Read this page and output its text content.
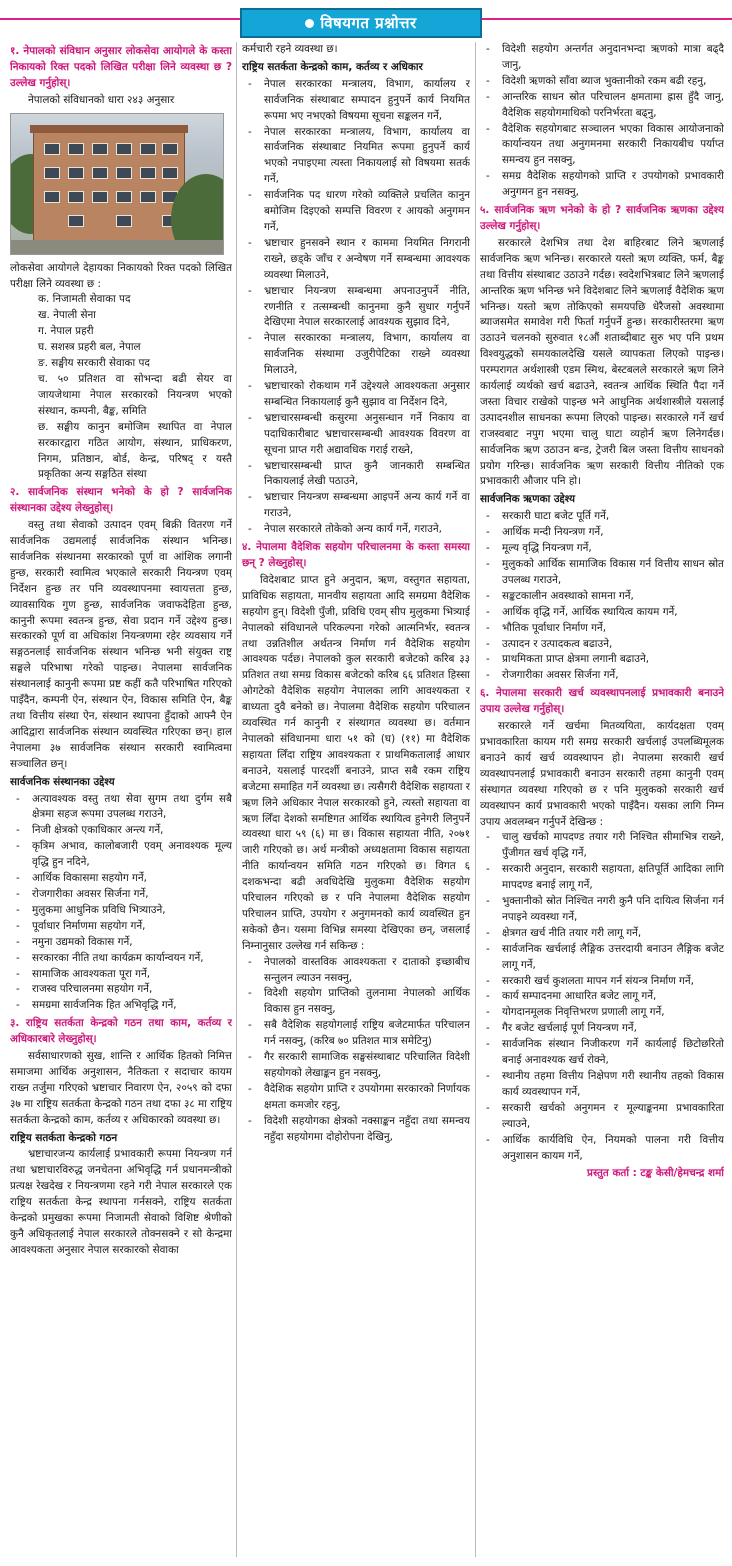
विषयगत प्रश्नोत्तर

१. नेपालको संविधान अनुसार लोकसेवा आयोगले के कस्ता निकायको रिक्त पदको लिखित परीक्षा लिने व्यवस्था छ ? उल्लेख गर्नुहोस्।

नेपालको संविधानको धारा २४३ अनुसार

लोकसेवा आयोगले देहायका निकायको रिक्त पदको लिखित परीक्षा लिने व्यवस्था छ :

क. निजामती सेवाका पद
ख. नेपाली सेना
ग. नेपाल प्रहरी
घ. सशस्त्र प्रहरी बल, नेपाल
ङ. सङ्घीय सरकारी सेवाका पद
च. ५० प्रतिशत वा सोभन्दा बढी सेयर वा जायजेथामा नेपाल सरकारको नियन्त्रण भएको संस्थान, कम्पनी, बैङ्क, समिति
छ. सङ्घीय कानुन बमोजिम स्थापित वा नेपाल सरकारद्वारा गठित आयोग, संस्थान, प्राधिकरण, निगम, प्रतिष्ठान, बोर्ड, केन्द्र, परिषद् र यस्तै प्रकृतिका अन्य सङ्गठित संस्था

२. सार्वजनिक संस्थान भनेको के हो ? सार्वजनिक संस्थानका उद्देश्य लेख्नुहोस्।

वस्तु तथा सेवाको उत्पादन एवम् बिक्री वितरण गर्ने सार्वजनिक उद्यमलाई सार्वजनिक संस्थान भनिन्छ। सार्वजनिक संस्थानमा सरकारको पूर्ण वा आंशिक लगानी हुन्छ, सरकारी स्वामित्व भएकाले सरकारी नियन्त्रण एवम् निर्देशन हुन्छ तर पनि व्यवस्थापनमा स्वायत्तता हुन्छ, व्यावसायिक गुण हुन्छ, सार्वजनिक जवाफदेहिता हुन्छ, कानुनी रूपमा स्वतन्त्र हुन्छ, सेवा प्रदान गर्ने उद्देश्य हुन्छ। सरकारको पूर्ण वा अधिकांश नियन्त्रणमा रहेर व्यवसाय गर्ने सङ्गठनलाई सार्वजनिक संस्थान भनिन्छ भनी संयुक्त राष्ट्र सङ्घले परिभाषा गरेको पाइन्छ। नेपालमा सार्वजनिक संस्थानलाई कानुनी रूपमा प्रष्ट कहीं कतै परिभाषित गरिएको पाइँदैन, कम्पनी ऐन, संस्थान ऐन, विकास समिति ऐन, बैङ्क तथा वित्तीय संस्था ऐन, संस्थान स्थापना हुँदाको आफ्नै ऐन आदिद्वारा सार्वजनिक संस्थान व्यवस्थित गरिएका छन्। हाल नेपालमा ३७ सार्वजनिक संस्थान सरकारी स्वामित्वमा सञ्चालित छन्।

सार्वजनिक संस्थानका उद्देश्य

- अत्यावश्यक वस्तु तथा सेवा सुगम तथा दुर्गम सबै क्षेत्रमा सहज रूपमा उपलब्ध गराउने,
- निजी क्षेत्रको एकाधिकार अन्त्य गर्ने,
- कृत्रिम अभाव, कालोबजारी एवम् अनावश्यक मूल्य वृद्धि हुन नदिने,
- आर्थिक विकासमा सहयोग गर्ने,
- रोजगारीका अवसर सिर्जना गर्ने,
- मुलुकमा आधुनिक प्रविधि भित्र्याउने,
- पूर्वाधार निर्माणमा सहयोग गर्ने,
- नमुना उद्यमको विकास गर्ने,
- सरकारका नीति तथा कार्यक्रम कार्यान्वयन गर्ने,
- सामाजिक आवश्यकता पूरा गर्ने,
- राजस्व परिचालनमा सहयोग गर्ने,
- समग्रमा सार्वजनिक हित अभिवृद्धि गर्ने,

३. राष्ट्रिय सतर्कता केन्द्रको गठन तथा काम, कर्तव्य र अधिकारबारे लेख्नुहोस्।

सर्वसाधारणको सुख, शान्ति र आर्थिक हितको निमित्त समाजमा आर्थिक अनुशासन, नैतिकता र सदाचार कायम राख्न तर्जुमा गरिएको भ्रष्टाचार निवारण ऐन, २०५९ को दफा ३७ मा राष्ट्रिय सतर्कता केन्द्रको गठन तथा दफा ३८ मा राष्ट्रिय सतर्कता केन्द्रको काम, कर्तव्य र अधिकारको व्यवस्था छ।

राष्ट्रिय सतर्कता केन्द्रको गठन

भ्रष्टाचारजन्य कार्यलाई प्रभावकारी रूपमा नियन्त्रण गर्न तथा भ्रष्टाचारविरुद्ध जनचेतना अभिवृद्धि गर्न प्रधानमन्त्रीको प्रत्यक्ष रेखदेख र नियन्त्रणमा रहने गरी नेपाल सरकारले एक राष्ट्रिय सतर्कता केन्द्र स्थापना गर्नसक्ने, राष्ट्रिय सतर्कता केन्द्रको प्रमुखका रूपमा निजामती सेवाको विशिष्ट श्रेणीको कुनै अधिकृतलाई नेपाल सरकारले तोक्नसक्ने र सो केन्द्रमा आवश्यकता अनुसार नेपाल सरकारको सेवाका

कर्मचारी रहने व्यवस्था छ।

राष्ट्रिय सतर्कता केन्द्रको काम, कर्तव्य र अधिकार

- नेपाल सरकारका मन्त्रालय, विभाग, कार्यालय र सार्वजनिक संस्थाबाट सम्पादन हुनुपर्ने कार्य नियमित रूपमा भए नभएको विषयमा सूचना सङ्कलन गर्ने,
- नेपाल सरकारका मन्त्रालय, विभाग, कार्यालय वा सार्वजनिक संस्थाबाट नियमित रूपमा हुनुपर्ने कार्य भएको नपाइएमा त्यस्ता निकायलाई सो विषयमा सतर्क गर्ने,
- सार्वजनिक पद धारण गरेको व्यक्तिले प्रचलित कानुन बमोजिम दिइएको सम्पत्ति विवरण र आयको अनुगमन गर्ने,
- भ्रष्टाचार हुनसक्ने स्थान र काममा नियमित निगरानी राख्ने, छड्के जाँच र अन्वेषण गर्ने सम्बन्धमा आवश्यक व्यवस्था मिलाउने,
- भ्रष्टाचार नियन्त्रण सम्बन्धमा अपनाउनुपर्ने नीति, रणनीति र तत्सम्बन्धी कानुनमा कुनै सुधार गर्नुपर्ने देखिएमा नेपाल सरकारलाई आवश्यक सुझाव दिने,
- नेपाल सरकारका मन्त्रालय, विभाग, कार्यालय वा सार्वजनिक संस्थामा उजुरीपेटिका राख्ने व्यवस्था मिलाउने,
- भ्रष्टाचारको रोकथाम गर्ने उद्देश्यले आवश्यकता अनुसार सम्बन्धित निकायलाई कुनै सुझाव वा निर्देशन दिने,
- भ्रष्टाचारसम्बन्धी कसुरमा अनुसन्धान गर्ने निकाय वा पदाधिकारीबाट भ्रष्टाचारसम्बन्धी आवश्यक विवरण वा सूचना प्राप्त गरी अद्यावधिक गराई राख्ने,
- भ्रष्टाचारसम्बन्धी प्राप्त कुनै जानकारी सम्बन्धित निकायलाई लेखी पठाउने,
- भ्रष्टाचार नियन्त्रण सम्बन्धमा आइपर्ने अन्य कार्य गर्ने वा गराउने,
- नेपाल सरकारले तोकेको अन्य कार्य गर्ने, गराउने,

४. नेपालमा वैदेशिक सहयोग परिचालनमा के कस्ता समस्या छन् ? लेख्नुहोस्।

विदेशबाट प्राप्त हुने अनुदान, ऋण, वस्तुगत सहायता, प्राविधिक सहायता, मानवीय सहायता आदि समग्रमा वैदेशिक सहयोग हुन्। विदेशी पुँजी, प्रविधि एवम् सीप मुलुकमा भित्र्याई नेपालको संविधानले परिकल्पना गरेको आत्मनिर्भर, स्वतन्त्र तथा उन्नतिशील अर्थतन्त्र निर्माण गर्न वैदेशिक सहयोग आवश्यक पर्दछ। नेपालको कुल सरकारी बजेटको करिब ३३ प्रतिशत तथा समग्र विकास बजेटको करिब ६६ प्रतिशत हिस्सा ओगटेको वैदेशिक सहयोग नेपालका लागि आवश्यकता र बाध्यता दुवै बनेको छ। नेपालमा वैदेशिक सहयोग परिचालन व्यवस्थित गर्न कानुनी र संस्थागत व्यवस्था छ। वर्तमान नेपालको संविधानमा धारा ५१ को (घ) (११) मा वैदेशिक सहायता लिँदा राष्ट्रिय आवश्यकता र प्राथमिकतालाई आधार बनाउने, यसलाई पारदर्शी बनाउने, प्राप्त सबै रकम राष्ट्रिय बजेटमा समाहित गर्ने व्यवस्था छ। त्यसैगरी वैदेशिक सहायता र ऋण लिने अधिकार नेपाल सरकारको हुने, त्यस्तो सहायता वा ऋण लिँदा देशको समष्टिगत आर्थिक स्थायित्व हुनेगरी लिनुपर्ने व्यवस्था धारा ५९ (६) मा छ। विकास सहायता नीति, २०७१ जारी गरिएको छ। अर्थ मन्त्रीको अध्यक्षतामा विकास सहायता नीति कार्यान्वयन समिति गठन गरिएको छ। विगत ६ दशकभन्दा बढी अवधिदेखि मुलुकमा वैदेशिक सहयोग परिचालन गरिएको छ र पनि नेपालमा वैदेशिक सहयोग परिचालन प्राप्ति, उपयोग र अनुगमनको कार्य व्यवस्थित हुन सकेको छैन। यसमा विभिन्न समस्या देखिएका छन्, जसलाई निम्नानुसार उल्लेख गर्न सकिन्छ :

- नेपालको वास्तविक आवश्यकता र दाताको इच्छाबीच सन्तुलन ल्याउन नसक्नु,
- विदेशी सहयोग प्राप्तिको तुलनामा नेपालको आर्थिक विकास हुन नसक्नु,
- सबै वैदेशिक सहयोगलाई राष्ट्रिय बजेटमार्फत परिचालन गर्न नसक्नु, (करिब ७० प्रतिशत मात्र समेटिनु)
- गैर सरकारी सामाजिक सङ्घसंस्थाबाट परिचालित विदेशी सहयोगको लेखाङ्कन हुन नसक्नु,
- वैदेशिक सहयोग प्राप्ति र उपयोगमा सरकारको निर्णायक क्षमता कमजोर रहनु,
- विदेशी सहयोगका क्षेत्रको नक्साङ्कन नहुँदा तथा समन्वय नहुँदा सहयोगमा दोहोरोपना देखिनु,
- विदेशी सहयोग अन्तर्गत अनुदानभन्दा ऋणको मात्रा बढ्दै जानु,
- विदेशी ऋणको साँवा ब्याज भुक्तानीको रकम बढी रहनु,
- आन्तरिक साधन स्रोत परिचालन क्षमतामा ह्रास हुँदै जानु, वैदेशिक सहयोगमाथिको परनिर्भरता बढ्नु,
- वैदेशिक सहयोगबाट सञ्चालन भएका विकास आयोजनाको कार्यान्वयन तथा अनुगमनमा सरकारी निकायबीच पर्याप्त समन्वय हुन नसक्नु,
- समग्र वैदेशिक सहयोगको प्राप्ति र उपयोगको प्रभावकारी अनुगमन हुन नसक्नु,

५. सार्वजनिक ऋण भनेको के हो ? सार्वजनिक ऋणका उद्देश्य उल्लेख गर्नुहोस्।

सरकारले देशभित्र तथा देश बाहिरबाट लिने ऋणलाई सार्वजनिक ऋण भनिन्छ। सरकारले यस्तो ऋण व्यक्ति, फर्म, बैङ्क तथा वित्तीय संस्थाबाट उठाउने गर्दछ। स्वदेशभित्रबाट लिने ऋणलाई आन्तरिक ऋण भनिन्छ भने विदेशबाट लिने ऋणलाई वैदेशिक ऋण भनिन्छ। यस्तो ऋण तोकिएको समयपछि धेरैजसो अवस्थामा ब्याजसमेत समावेश गरी फिर्ता गर्नुपर्ने हुन्छ। सरकारीस्तरमा ऋण उठाउने चलनको सुरुवात १८औं शताब्दीबाट सुरु भए पनि प्रथम विश्वयुद्धको समयकालदेखि यसले व्यापकता लिएको पाइन्छ। परम्परागत अर्थशास्त्री एडम स्मिथ, बेस्टबलले सरकारले ऋण लिने कार्यलाई व्यर्थको खर्च बढाउने, स्वतन्त्र आर्थिक स्थिति पैदा गर्ने जस्ता विचार राखेको पाइन्छ भने आधुनिक अर्थशास्त्रीले यसलाई उत्पादनशील साधनका रूपमा लिएको पाइन्छ। सरकारले गर्ने खर्च राजस्वबाट नपुग भएमा चालु घाटा व्यहोर्न ऋण लिनेगर्दछ। सार्वजनिक ऋण उठाउन बन्ड, ट्रेजरी बिल जस्ता वित्तीय साधनको प्रयोग गरिन्छ। सार्वजनिक ऋण सरकारी वित्तीय नीतिको एक प्रभावकारी औजार पनि हो।

सार्वजनिक ऋणका उद्देश्य

- सरकारी घाटा बजेट पूर्ति गर्ने,
- आर्थिक मन्दी नियन्त्रण गर्ने,
- मूल्य वृद्धि नियन्त्रण गर्ने,
- मुलुकको आर्थिक सामाजिक विकास गर्न वित्तीय साधन स्रोत उपलब्ध गराउने,
- सङ्कटकालीन अवस्थाको सामना गर्ने,
- आर्थिक वृद्धि गर्ने, आर्थिक स्थायित्व कायम गर्ने,
- भौतिक पूर्वाधार निर्माण गर्ने,
- उत्पादन र उत्पादकत्व बढाउने,
- प्राथमिकता प्राप्त क्षेत्रमा लगानी बढाउने,
- रोजगारीका अवसर सिर्जना गर्ने,

६. नेपालमा सरकारी खर्च व्यवस्थापनलाई प्रभावकारी बनाउने उपाय उल्लेख गर्नुहोस्।

सरकारले गर्ने खर्चमा मितव्ययिता, कार्यदक्षता एवम् प्रभावकारिता कायम गरी समग्र सरकारी खर्चलाई उपलब्धिमूलक बनाउने कार्य खर्च व्यवस्थापन हो। नेपालमा सरकारी खर्च व्यवस्थापनलाई प्रभावकारी बनाउन सरकारी तहमा कानुनी एवम् संस्थागत व्यवस्था गरिएको छ र पनि मुलुकको सरकारी खर्च व्यवस्थापन कार्य प्रभावकारी भएको पाइँदैन। यसका लागि निम्न उपाय अवलम्बन गर्नुपर्ने देखिन्छ :

- चालु खर्चको मापदण्ड तयार गरी निश्चित सीमाभित्र राख्ने, पुँजीगत खर्च वृद्धि गर्ने,
- सरकारी अनुदान, सरकारी सहायता, क्षतिपूर्ति आदिका लागि मापदण्ड बनाई लागू गर्ने,
- भुक्तानीको स्रोत निश्चित नगरी कुनै पनि दायित्व सिर्जना गर्न नपाइने व्यवस्था गर्ने,
- क्षेत्रगत खर्च नीति तयार गरी लागू गर्ने,
- सार्वजनिक खर्चलाई लैङ्गिक उत्तरदायी बनाउन लैङ्गिक बजेट लागू गर्ने,
- सरकारी खर्च कुशलता मापन गर्न संयन्त्र निर्माण गर्ने,
- कार्य सम्पादनमा आधारित बजेट लागू गर्ने,
- योगदानमूलक निवृत्तिभरण प्रणाली लागू गर्ने,
- गैर बजेट खर्चलाई पूर्ण नियन्त्रण गर्ने,
- सार्वजनिक संस्थान निजीकरण गर्ने कार्यलाई छिटोछरितो बनाई अनावश्यक खर्च रोक्ने,
- स्थानीय तहमा वित्तीय निक्षेपण गरी स्थानीय तहको विकास कार्य व्यवस्थापन गर्ने,
- सरकारी खर्चको अनुगमन र मूल्याङ्कनमा प्रभावकारिता ल्याउने,
- आर्थिक कार्यविधि ऐन, नियमको पालना गरी वित्तीय अनुशासन कायम गर्ने,

प्रस्तुत कर्ता : टङ्क केसी/हेमचन्द्र शर्मा
